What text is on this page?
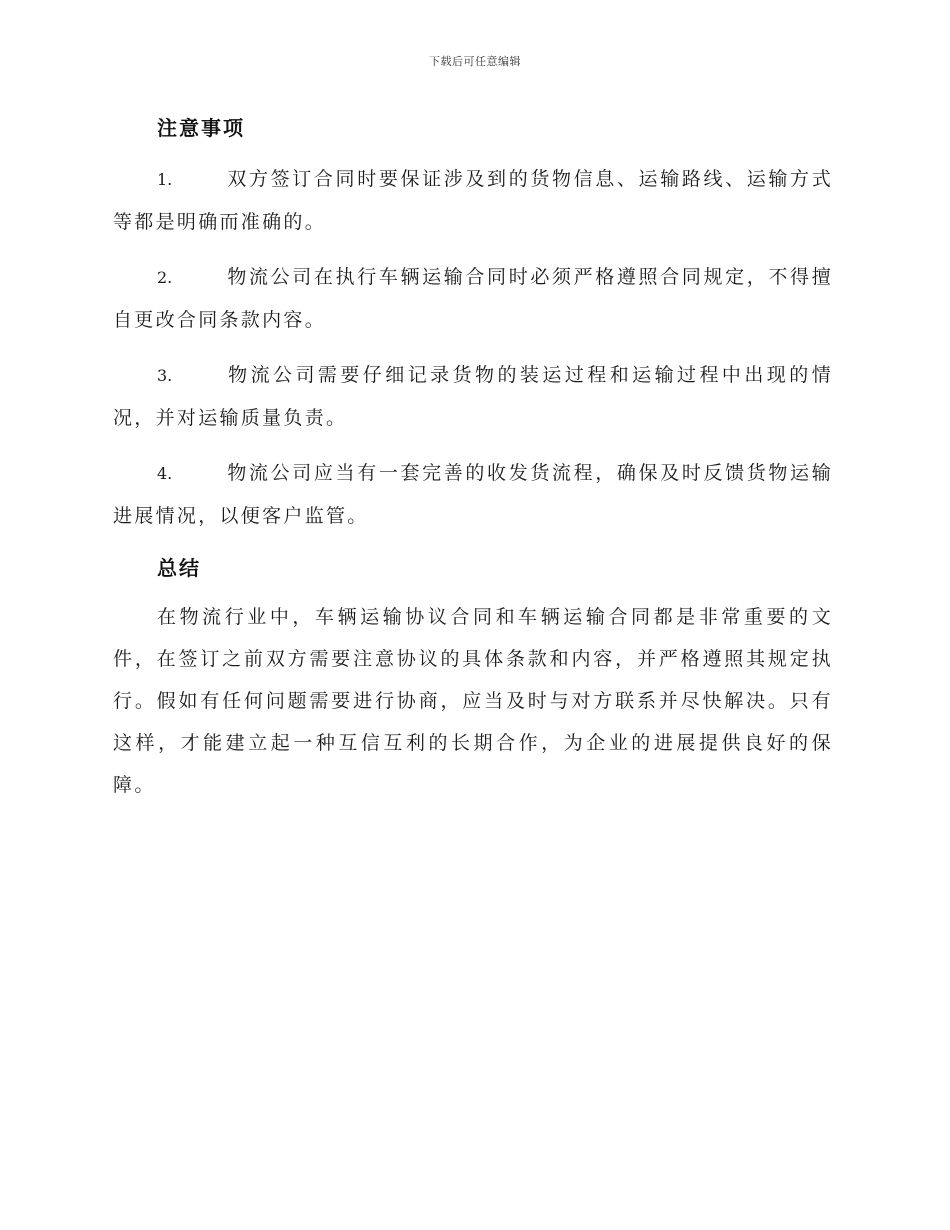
下载后可任意编辑
注意事项

1.	双方签订合同时要保证涉及到的货物信息、运输路线、运输方式等都是明确而准确的。

2.	物流公司在执行车辆运输合同时必须严格遵照合同规定，不得擅自更改合同条款内容。

3.	物流公司需要仔细记录货物的装运过程和运输过程中出现的情况，并对运输质量负责。

4.	物流公司应当有一套完善的收发货流程，确保及时反馈货物运输进展情况，以便客户监管。

总结

在物流行业中，车辆运输协议合同和车辆运输合同都是非常重要的文件，在签订之前双方需要注意协议的具体条款和内容，并严格遵照其规定执行。假如有任何问题需要进行协商，应当及时与对方联系并尽快解决。只有这样，才能建立起一种互信互利的长期合作，为企业的进展提供良好的保障。
